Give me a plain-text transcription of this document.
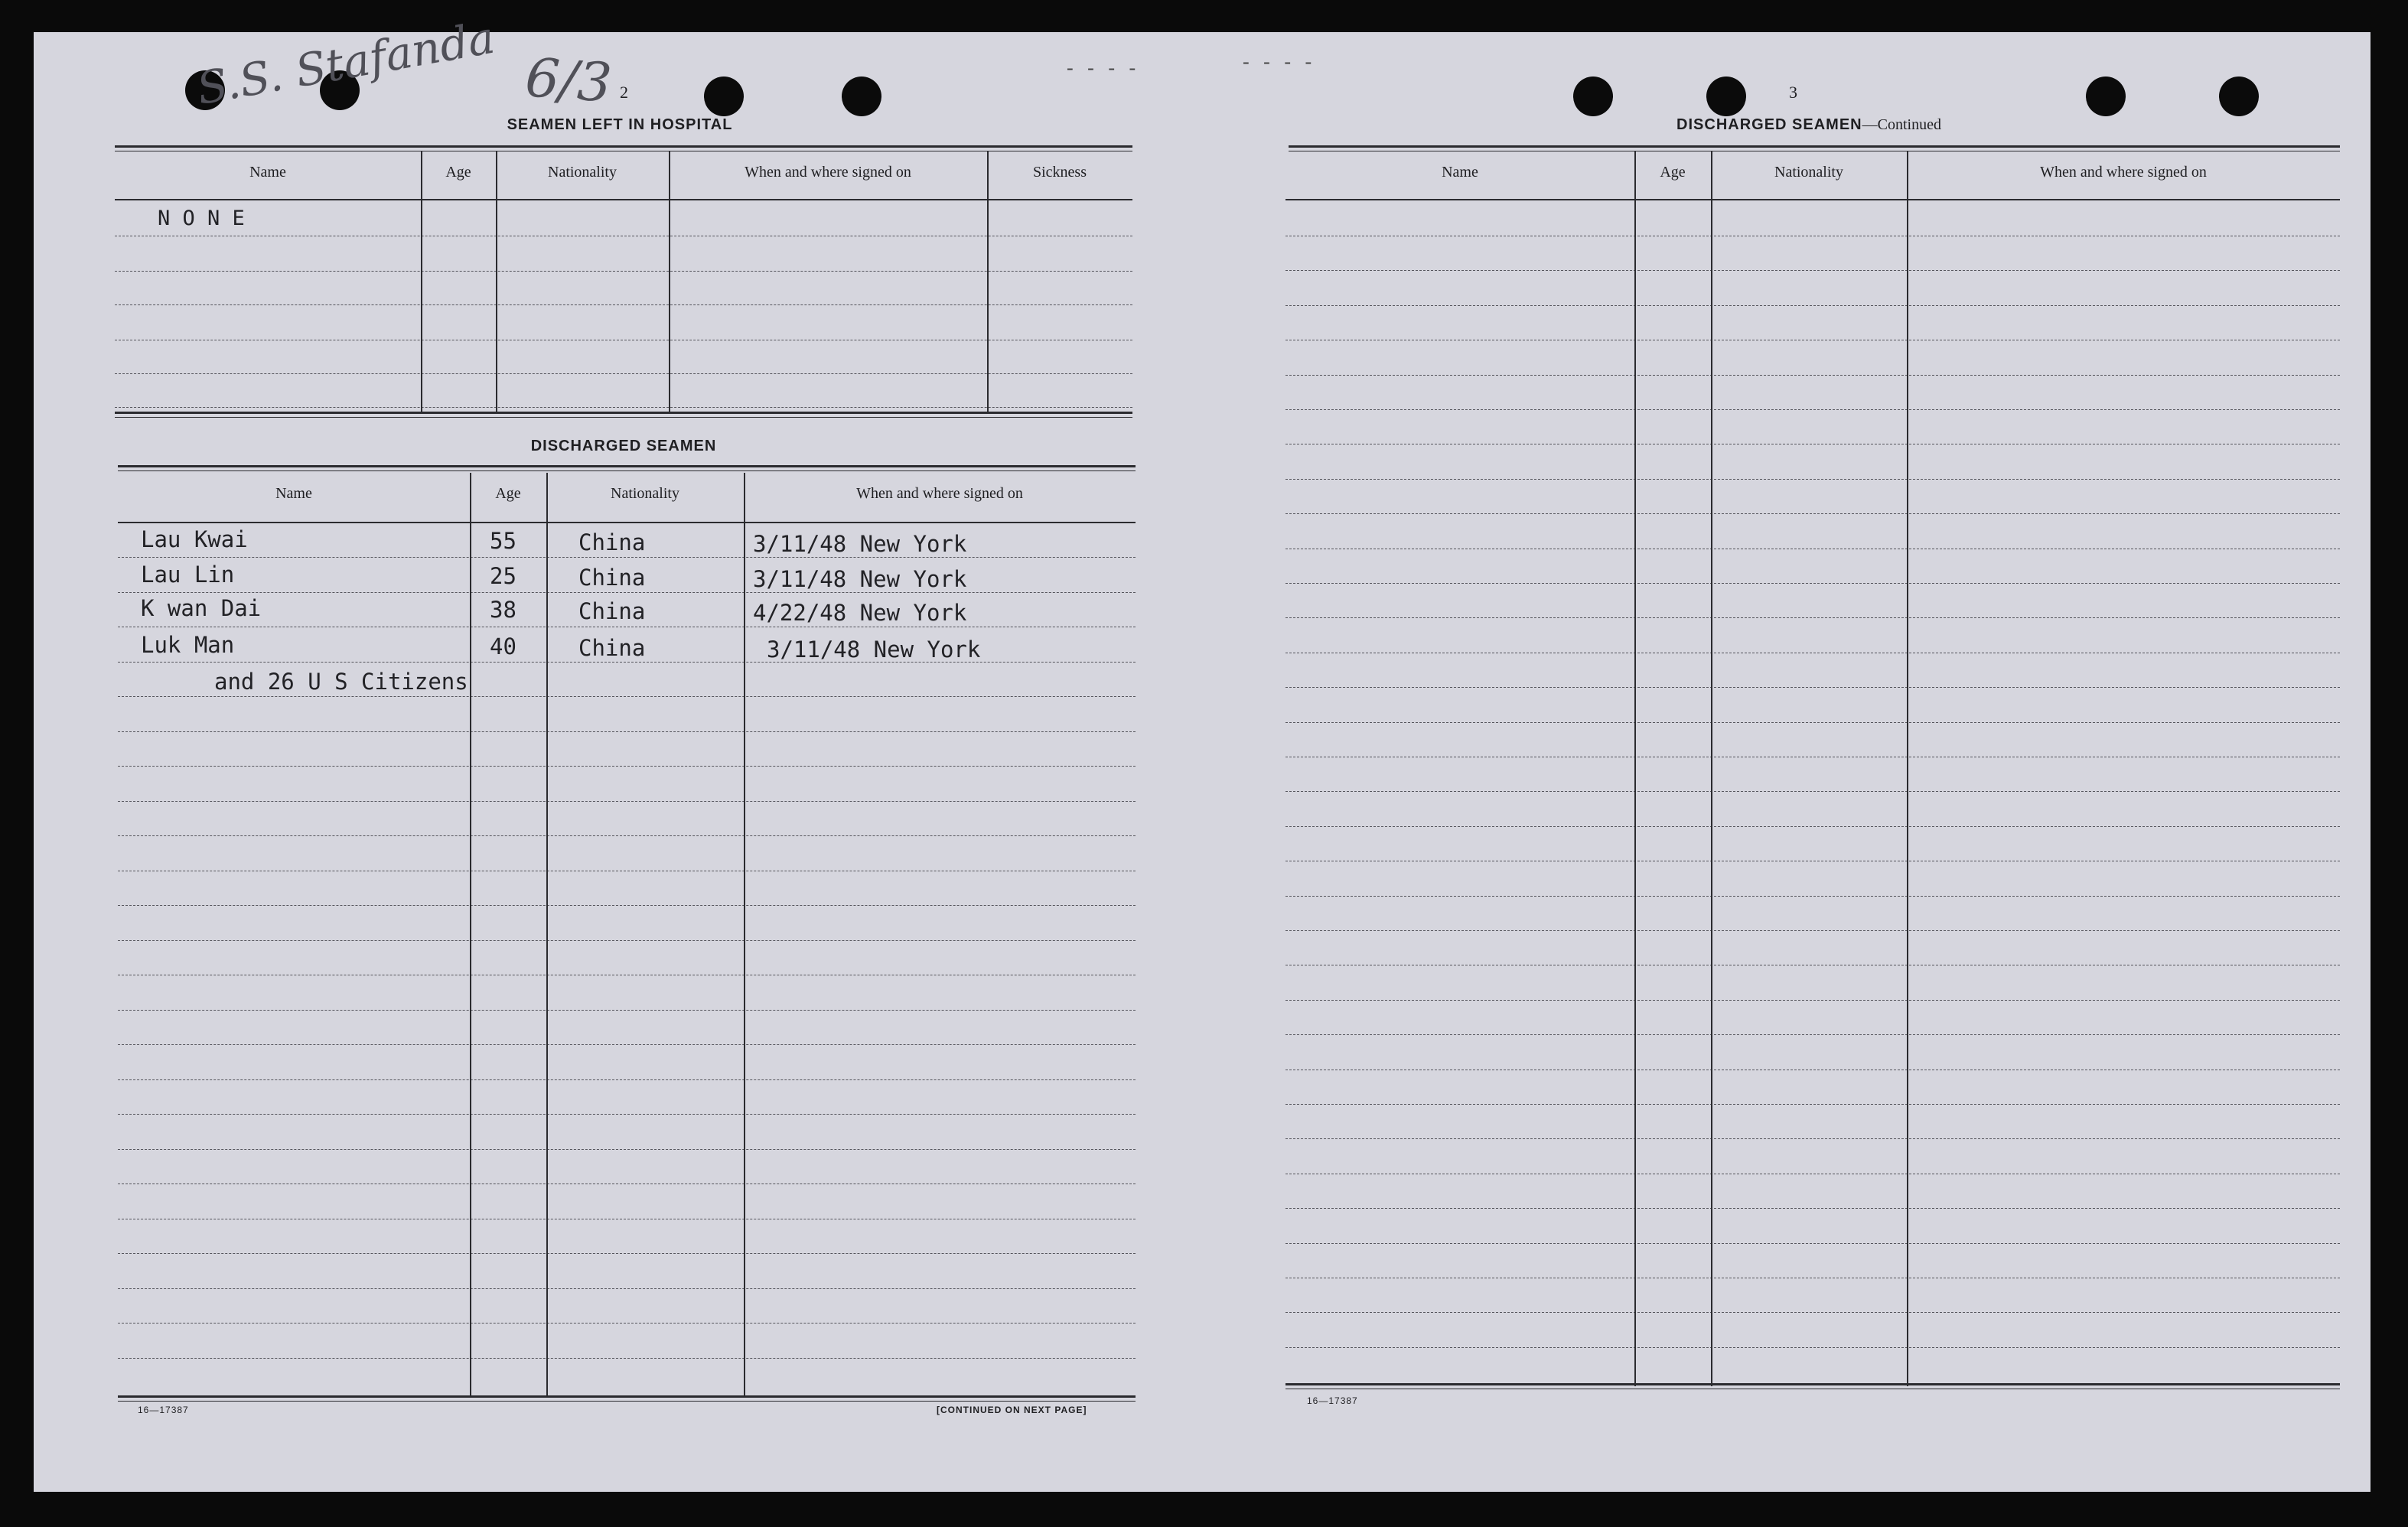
S.S. Stafanda 6/3	- - - -	- - - -
2
SEAMEN LEFT IN HOSPITAL
Name	Age	Nationality	When and where signed on	Sickness
N O N E
DISCHARGED SEAMEN
Name	Age	Nationality	When and where signed on
Lau Kwai	55	China	3/11/48 New York
Lau Lin	25	China	3/11/48 New York
K wan Dai	38	China	4/22/48 New York
Luk Man	40	China	3/11/48 New York
and 26 U S Citizens
16—17387	[CONTINUED ON NEXT PAGE]
3
DISCHARGED SEAMEN—Continued
Name	Age	Nationality	When and where signed on
16—17387
